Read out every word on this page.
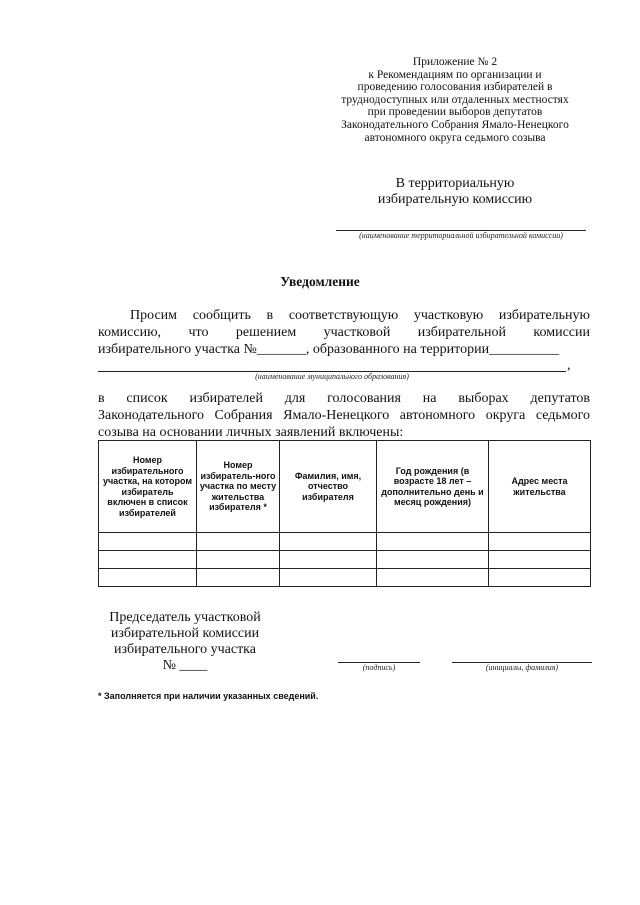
Приложение № 2
к Рекомендациям по организации и
проведению голосования избирателей в
труднодоступных или отдаленных местностях
при проведении выборов депутатов
Законодательного Собрания Ямало-Ненецкого
автономного округа седьмого созыва
В территориальную
избирательную комиссию
(наименование территориальной избирательной комиссии)
Уведомление
Просим сообщить в соответствующую участковую избирательную
комиссию, что решением участковой избирательной комиссии
избирательного участка №_______, образованного на территории__________
,
(наименование муниципального образования)
в список избирателей для голосования на выборах депутатов
Законодательного Собрания Ямало-Ненецкого автономного округа седьмого
созыва на основании личных заявлений включены:
Номер избирательного участка, на котором избиратель включен в список избирателей	Номер избиратель-ного участка по месту жительства избирателя *	Фамилия, имя, отчество избирателя	Год рождения (в возрасте 18 лет – дополнительно день и месяц рождения)	Адрес места жительства

Председатель участковой
избирательной комиссии
избирательного участка
№ ____	(подпись)	(инициалы, фамилия)
* Заполняется при наличии указанных сведений.
